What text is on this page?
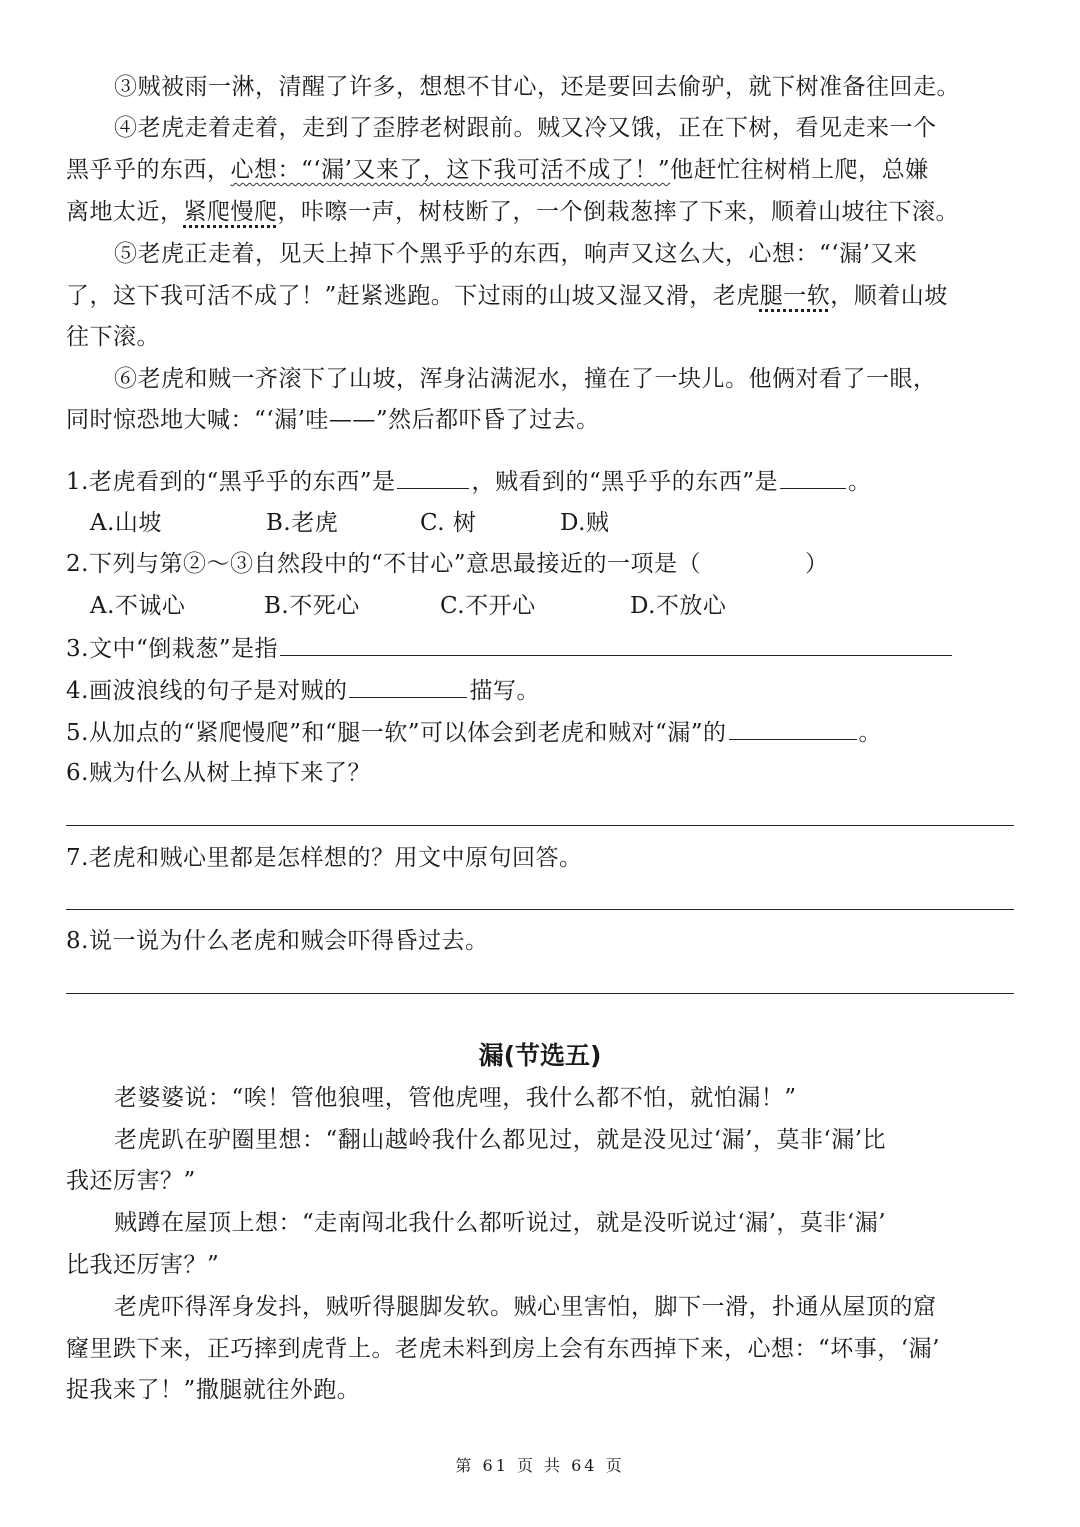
③贼被雨一淋，清醒了许多，想想不甘心，还是要回去偷驴，就下树准备往回走。
④老虎走着走着，走到了歪脖老树跟前。贼又冷又饿，正在下树，看见走来一个
黑乎乎的东西，心想：“‘漏’又来了，这下我可活不成了！”他赶忙往树梢上爬，总嫌
离地太近，紧爬慢爬，咔嚓一声，树枝断了，一个倒栽葱摔了下来，顺着山坡往下滚。
⑤老虎正走着，见天上掉下个黑乎乎的东西，响声又这么大，心想：“‘漏’又来
了，这下我可活不成了！”赶紧逃跑。下过雨的山坡又湿又滑，老虎腿一软，顺着山坡
往下滚。
⑥老虎和贼一齐滚下了山坡，浑身沾满泥水，撞在了一块儿。他俩对看了一眼，
同时惊恐地大喊：“‘漏’哇——”然后都吓昏了过去。
1.老虎看到的“黑乎乎的东西”是	，贼看到的“黑乎乎的东西”是	。
A.山坡	B.老虎	C. 树	D.贼
2.下列与第②～③自然段中的“不甘心”意思最接近的一项是（	）
A.不诚心	B.不死心	C.不开心	D.不放心
3.文中“倒栽葱”是指
4.画波浪线的句子是对贼的	描写。
5.从加点的“紧爬慢爬”和“腿一软”可以体会到老虎和贼对“漏”的	。
6.贼为什么从树上掉下来了？
7.老虎和贼心里都是怎样想的？用文中原句回答。
8.说一说为什么老虎和贼会吓得昏过去。
漏(节选五)
老婆婆说：“唉！管他狼哩，管他虎哩，我什么都不怕，就怕漏！”
老虎趴在驴圈里想：“翻山越岭我什么都见过，就是没见过‘漏’，莫非‘漏’比
我还厉害？”
贼蹲在屋顶上想：“走南闯北我什么都听说过，就是没听说过‘漏’，莫非‘漏’
比我还厉害？”
老虎吓得浑身发抖，贼听得腿脚发软。贼心里害怕，脚下一滑，扑通从屋顶的窟
窿里跌下来，正巧摔到虎背上。老虎未料到房上会有东西掉下来，心想：“坏事，‘漏’
捉我来了！”撒腿就往外跑。
第 61 页 共 64 页
